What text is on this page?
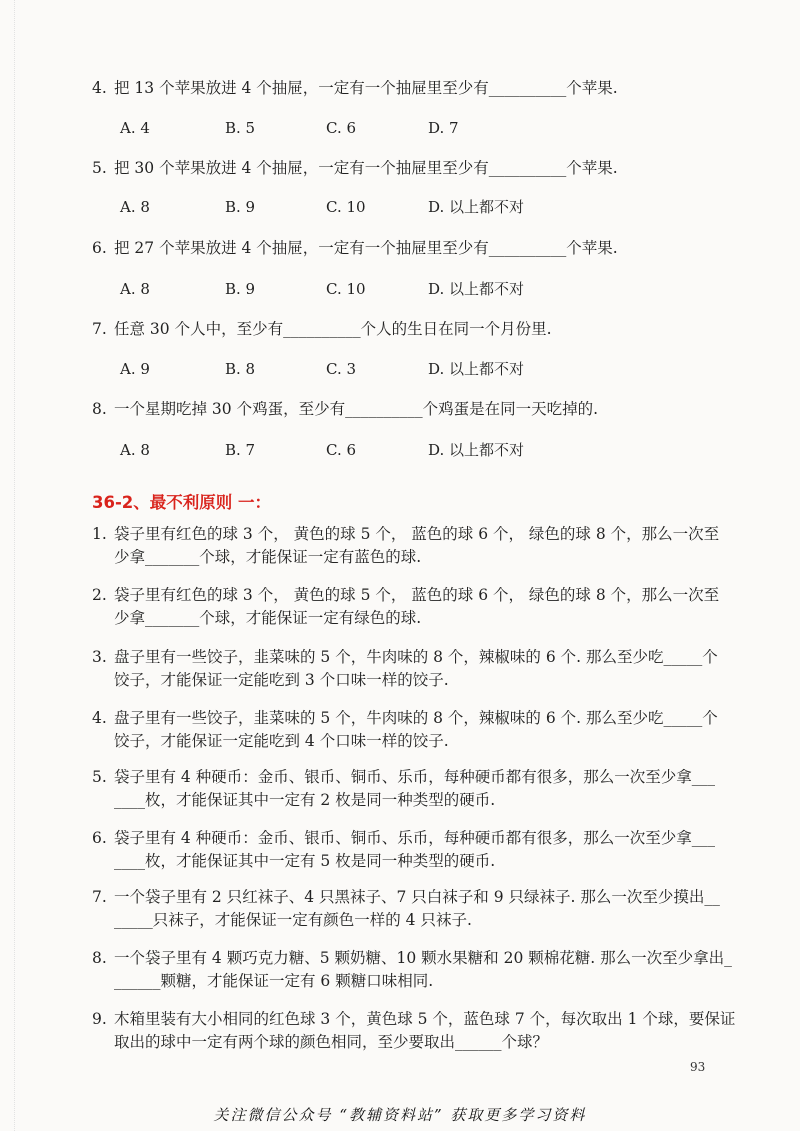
4. 把 13 个苹果放进 4 个抽屉，一定有一个抽屉里至少有__________个苹果.
A. 4	B. 5	C. 6	D. 7
5. 把 30 个苹果放进 4 个抽屉，一定有一个抽屉里至少有__________个苹果.
A. 8	B. 9	C. 10	D. 以上都不对
6. 把 27 个苹果放进 4 个抽屉，一定有一个抽屉里至少有__________个苹果.
A. 8	B. 9	C. 10	D. 以上都不对
7. 任意 30 个人中，至少有__________个人的生日在同一个月份里.
A. 9	B. 8	C. 3	D. 以上都不对
8. 一个星期吃掉 30 个鸡蛋，至少有__________个鸡蛋是在同一天吃掉的.
A. 8	B. 7	C. 6	D. 以上都不对
36-2、最不利原则 一：
1. 袋子里有红色的球 3 个， 黄色的球 5 个， 蓝色的球 6 个， 绿色的球 8 个，那么一次至
少拿_______个球，才能保证一定有蓝色的球.
2. 袋子里有红色的球 3 个， 黄色的球 5 个， 蓝色的球 6 个， 绿色的球 8 个，那么一次至
少拿_______个球，才能保证一定有绿色的球.
3. 盘子里有一些饺子，韭菜味的 5 个，牛肉味的 8 个，辣椒味的 6 个. 那么至少吃_____个
饺子，才能保证一定能吃到 3 个口味一样的饺子.
4. 盘子里有一些饺子，韭菜味的 5 个，牛肉味的 8 个，辣椒味的 6 个. 那么至少吃_____个
饺子，才能保证一定能吃到 4 个口味一样的饺子.
5. 袋子里有 4 种硬币：金币、银币、铜币、乐币，每种硬币都有很多，那么一次至少拿___
____枚，才能保证其中一定有 2 枚是同一种类型的硬币.
6. 袋子里有 4 种硬币：金币、银币、铜币、乐币，每种硬币都有很多，那么一次至少拿___
____枚，才能保证其中一定有 5 枚是同一种类型的硬币.
7. 一个袋子里有 2 只红袜子、4 只黑袜子、7 只白袜子和 9 只绿袜子. 那么一次至少摸出__
_____只袜子，才能保证一定有颜色一样的 4 只袜子.
8. 一个袋子里有 4 颗巧克力糖、5 颗奶糖、10 颗水果糖和 20 颗棉花糖. 那么一次至少拿出_
______颗糖，才能保证一定有 6 颗糖口味相同.
9. 木箱里装有大小相同的红色球 3 个，黄色球 5 个，蓝色球 7 个，每次取出 1 个球，要保证
取出的球中一定有两个球的颜色相同，至少要取出______个球？
93
关注微信公众号 “教辅资料站” 获取更多学习资料
